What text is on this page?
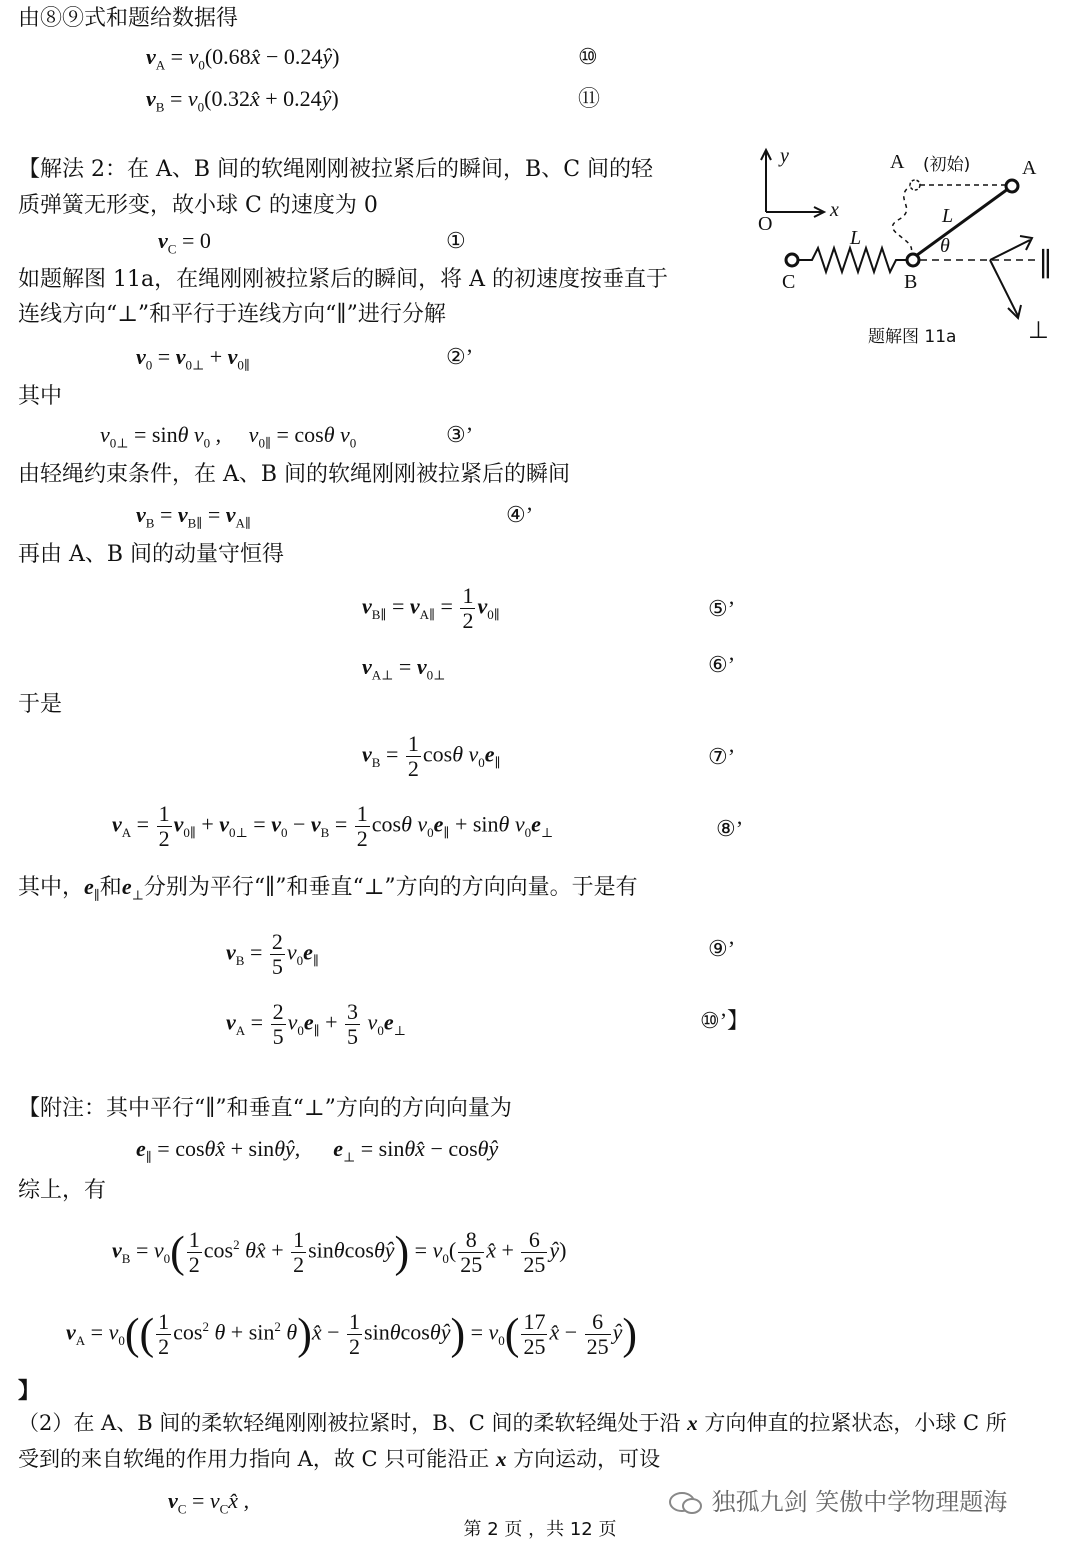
由⑧⑨式和题给数据得
$v_A$ = $v_0(0.68x̂$ − 0.24ŷ)	⑩
$v_B$ = $v_0(0.32x̂$ + 0.24ŷ)	⑪
【解法 2：在 A、B 间的软绳刚刚被拉紧后的瞬间，B、C 间的轻
质弹簧无形变，故小球 C 的速度为 0
$v_C = 0$	①
如题解图 11a，在绳刚刚被拉紧后的瞬间，将 A 的初速度按垂直于
连线方向“⊥”和平行于连线方向“∥”进行分解
$v_0 = v_{0\perp} + v_{0\parallel}$	②’
其中
$v_{0\perp} = \sin\theta$ $v_0$ ,     $v_{0\parallel} = \cos\theta$ $v_0$	③’
由轻绳约束条件，在 A、B 间的软绳刚刚被拉紧后的瞬间
$v_B = v_{B\parallel} = v_{A\parallel}$	④’
再由 A、B 间的动量守恒得
$v_{B\parallel} = v_{A\parallel} = \frac{1}{2} v_{0\parallel}$	⑤’
$v_{A\perp} = v_{0\perp}$	⑥’
于是
$v_B = \frac{1}{2}$ cosθ $v_0e_\parallel$	⑦’
$v_A = \frac{1}{2} v_{0\parallel} + v_{0\perp} = v_0 - v_B = \frac{1}{2}$ cosθ $v_0e_\parallel + \sin\theta$ $v_0e_\perp$	⑧’
其中，$e_\parallel$和$e_\perp$分别为平行“∥”和垂直“⊥”方向的方向向量。于是有
$v_B = \frac{2}{5} v_0e_\parallel$	⑨’
$v_A = \frac{2}{5} v_0e_\parallel + \frac{3}{5} v_0e_\perp$	⑩’】
【附注：其中平行“∥”和垂直“⊥”方向的方向向量为
$e_\parallel$ = cosθx̂ + sinθŷ,      $e_\perp$ = sinθx̂ − cosθŷ
综上，有
$v_B = v_0( \frac{1}{2} \cos^2$ θx̂ + $\frac{1}{2}$ sinθcosθŷ) = $v_0( \frac{8}{25}$ x̂ + $\frac{6}{25}$ ŷ)
$v_A = v_0(( \frac{1}{2} \cos^2 \theta + \sin^2$ θ)x̂ − $\frac{1}{2}$ sinθcosθŷ) = $v_0( \frac{17}{25}$ x̂ − $\frac{6}{25}$ ŷ)
】
（2）在 A、B 间的柔软轻绳刚刚被拉紧时，B、C 间的柔软轻绳处于沿 x 方向伸直的拉紧状态，小球 C 所
受到的来自软绳的作用力指向 A，故 C 只可能沿正 x 方向运动，可设
$v_C$ = $v_Cx̂$ ,
y
x
O
A (初始)	A
L
L
θ
C	B
∥
⊥
题解图 11a
独孤九剑 笑傲中学物理题海
第 2 页 ，共 12 页
